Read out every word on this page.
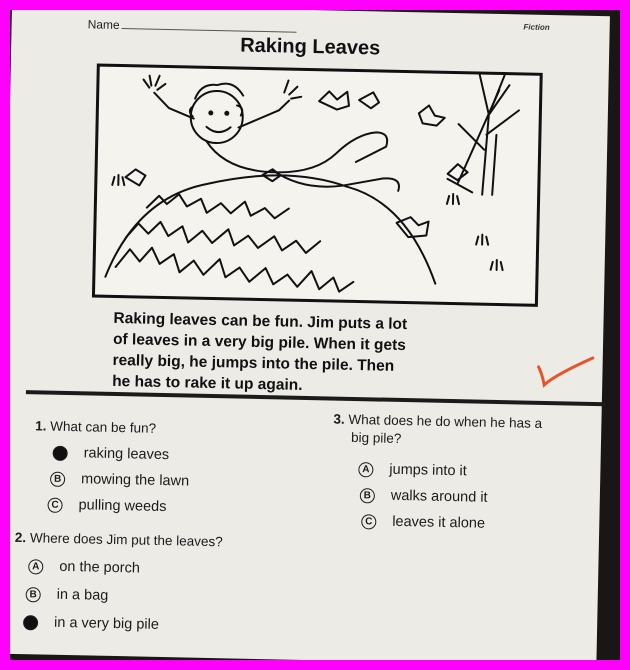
Name	Fiction
Raking Leaves

Raking leaves can be fun. Jim puts a lot
of leaves in a very big pile. When it gets
really big, he jumps into the pile. Then
he has to rake it up again.

1. What can be fun?
A raking leaves
B mowing the lawn
C pulling weeds
2. Where does Jim put the leaves?
A on the porch
B in a bag
C in a very big pile
3. What does he do when he has a
big pile?
A jumps into it
B walks around it
C leaves it alone
